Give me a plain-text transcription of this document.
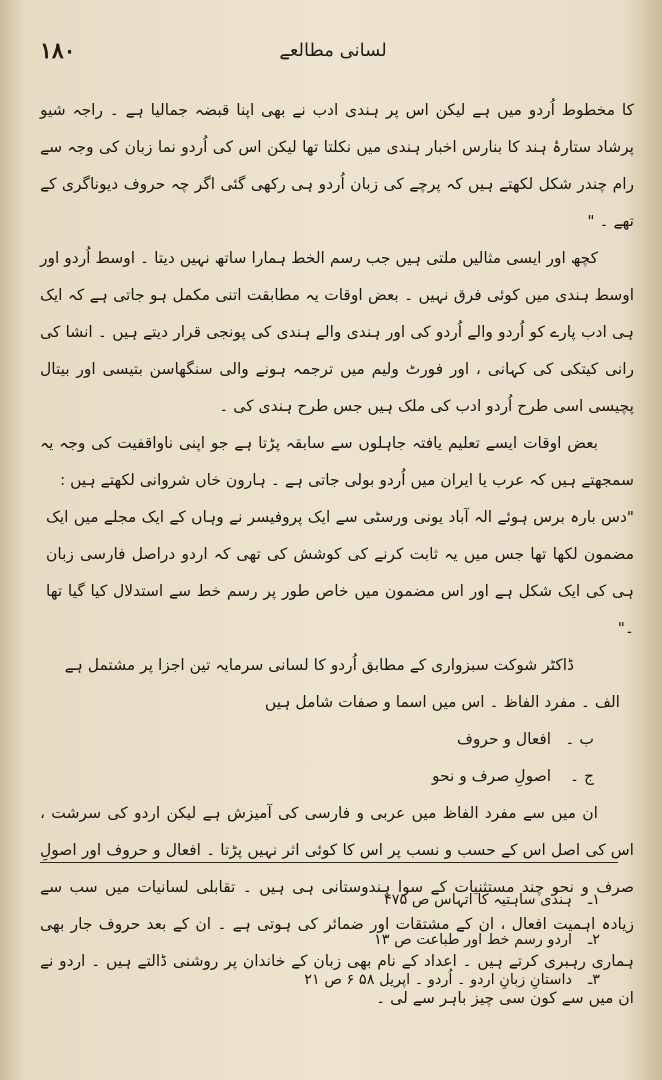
۱۸۰	لسانی مطالعے

کا مخطوط اُردو میں ہے لیکن اس پر ہندی ادب نے بھی اپنا قبضہ جمالیا ہے ۔ راجہ شیو پرشاد ستارۂ ہند کا بنارس اخبار ہندی میں نکلتا تھا لیکن اس کی اُردو نما زبان کی وجہ سے رام چندر شکل لکھتے ہیں کہ پرچے کی زبان اُردو ہی رکھی گئی اگر چہ حروف دیوناگری کے تھے ۔ "

کچھ اور ایسی مثالیں ملتی ہیں جب رسم الخط ہمارا ساتھ نہیں دیتا ۔ اوسط اُردو اور اوسط ہندی میں کوئی فرق نہیں ۔ بعض اوقات یہ مطابقت اتنی مکمل ہو جاتی ہے کہ ایک ہی ادب پارے کو اُردو والے اُردو کی اور ہندی والے ہندی کی پونجی قرار دیتے ہیں ۔ انشا کی رانی کیتکی کی کہانی ، اور فورٹ ولیم میں ترجمہ ہونے والی سنگھاسن بتیسی اور بیتال پچیسی اسی طرح اُردو ادب کی ملک ہیں جس طرح ہندی کی ۔

بعض اوقات ایسے تعلیم یافتہ جاہلوں سے سابقہ پڑتا ہے جو اپنی ناواقفیت کی وجہ یہ سمجھتے ہیں کہ عرب یا ایران میں اُردو بولی جاتی ہے ۔ ہارون خاں شروانی لکھتے ہیں :

"دس بارہ برس ہوئے الہ آباد یونی ورسٹی سے ایک پروفیسر نے وہاں کے ایک مجلے میں ایک مضمون لکھا تھا جس میں یہ ثابت کرنے کی کوشش کی تھی کہ اردو دراصل فارسی زبان ہی کی ایک شکل ہے اور اس مضمون میں خاص طور پر رسم خط سے استدلال کیا گیا تھا ۔"

ڈاکٹر شوکت سبزواری کے مطابق اُردو کا لسانی سرمایہ تین اجزا پر مشتمل ہے

الف ۔ مفرد الفاظ ۔ اس میں اسما و صفات شامل ہیں
ب ۔ افعال و حروف
ج ۔ اصولِ صرف و نحو

ان میں سے مفرد الفاظ میں عربی و فارسی کی آمیزش ہے لیکن اردو کی سرشت ، اس کی اصل اس کے حسب و نسب پر اس کا کوئی اثر نہیں پڑتا ۔ افعال و حروف اور اصولِ صرف و نحو چند مستثنیات کے سوا ہندوستانی ہی ہیں ۔ تقابلی لسانیات میں سب سے زیادہ اہمیت افعال ، ان کے مشتقات اور ضمائر کی ہوتی ہے ۔ ان کے بعد حروف جار بھی ہماری رہبری کرتے ہیں ۔ اعداد کے نام بھی زبان کے خاندان پر روشنی ڈالتے ہیں ۔ اردو نے ان میں سے کون سی چیز باہر سے لی ۔

۱ـ
ہندی ساہتیہ کا اتہاس ص ۴۷۵
۲ـ
اردو رسم خط اور طباعت ص ۱۳
۳ـ
داستانِ زبانِ اردو ۔ اُردو ۔ اپریل ۵۸ ۶ ص ۲۱
